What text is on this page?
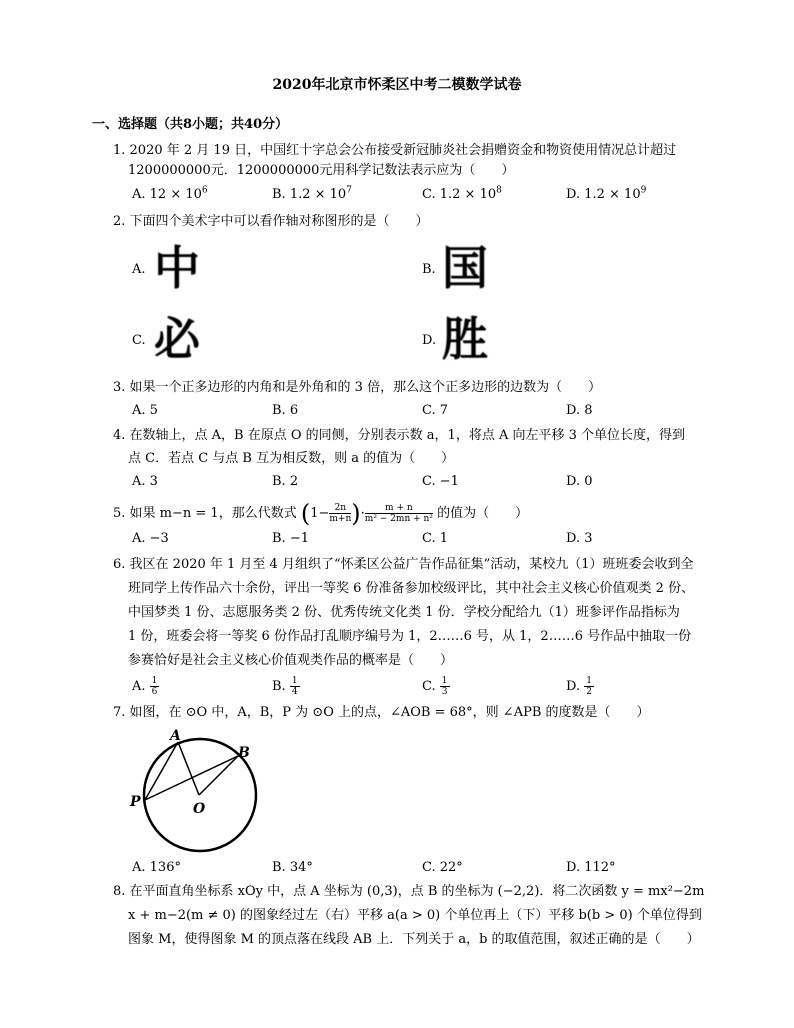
2020年北京市怀柔区中考二模数学试卷
一、选择题（共8小题；共40分）
1. 2020 年 2 月 19 日，中国红十字总会公布接受新冠肺炎社会捐赠资金和物资使用情况总计超过
1200000000元．1200000000元用科学记数法表示应为（　　）
A. $12 \times 10^6$	B. $1.2 \times 10^7$	C. $1.2 \times 10^8$	D. $1.2 \times 10^9$
2. 下面四个美术字中可以看作轴对称图形的是（　　）
A. 中	B. 国
C. 必	D. 胜
3. 如果一个正多边形的内角和是外角和的 3 倍，那么这个正多边形的边数为（　　）
A. 5	B. 6	C. 7	D. 8
4. 在数轴上，点 A，B 在原点 O 的同侧，分别表示数 a，1，将点 A 向左平移 3 个单位长度，得到
点 C．若点 C 与点 B 互为相反数，则 a 的值为（　　）
A. 3	B. 2	C. −1	D. 0
5. 如果 m−n = 1，那么代数式 ($1- \frac{2n}{m+n}$ )· $\frac{m + n}{\text{m² − 2mn + n²}}$ 的值为（　　）
A. −3	B. −1	C. 1	D. 3
6. 我区在 2020 年 1 月至 4 月组织了“怀柔区公益广告作品征集”活动，某校九（1）班班委会收到全
班同学上传作品六十余份，评出一等奖 6 份准备参加校级评比，其中社会主义核心价值观类 2 份、
中国梦类 1 份、志愿服务类 2 份、优秀传统文化类 1 份．学校分配给九（1）班参评作品指标为
1 份，班委会将一等奖 6 份作品打乱顺序编号为 1，2……6 号，从 1，2……6 号作品中抽取一份
参赛恰好是社会主义核心价值观类作品的概率是（　　）
A. $\frac{1}{6}$	B. $\frac{1}{4}$	C. $\frac{1}{3}$	D. $\frac{1}{2}$
7. 如图，在 ⊙O 中，A，B，P 为 ⊙O 上的点，∠AOB = 68°，则 ∠APB 的度数是（　　）
A
B
P	O
A. 136°	B. 34°	C. 22°	D. 112°
8. 在平面直角坐标系 xOy 中，点 A 坐标为 (0,3)，点 B 的坐标为 (−2,2)．将二次函数 y = mx²−2m
x + m−2(m ≠ 0) 的图象经过左（右）平移 a(a > 0) 个单位再上（下）平移 b(b > 0) 个单位得到
图象 M，使得图象 M 的顶点落在线段 AB 上．下列关于 a，b 的取值范围，叙述正确的是（　　）
